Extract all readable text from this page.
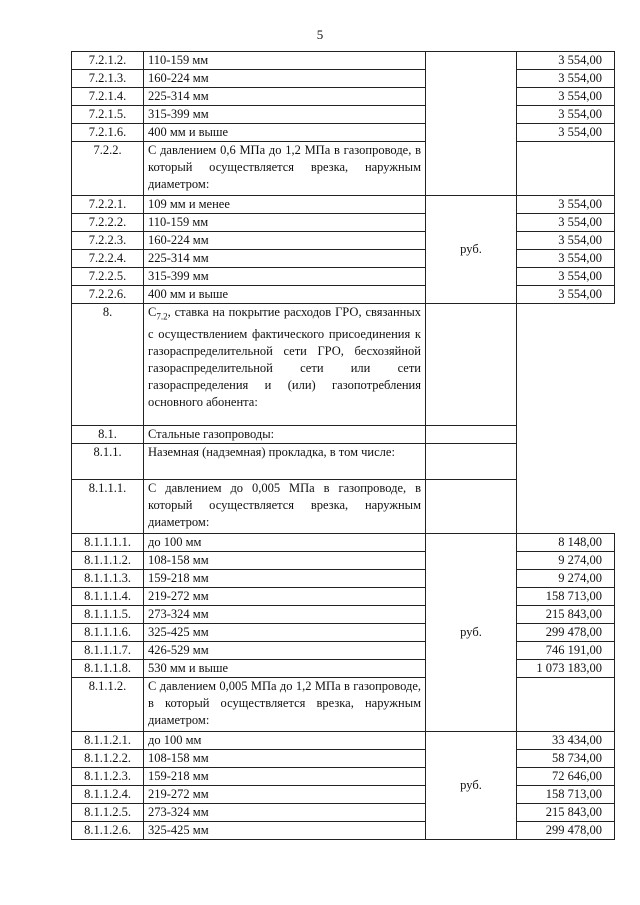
5
7.2.1.2.	110-159 мм		3 554,00
7.2.1.3.	160-224 мм		3 554,00
7.2.1.4.	225-314 мм		3 554,00
7.2.1.5.	315-399 мм		3 554,00
7.2.1.6.	400 мм и выше		3 554,00
7.2.2.	С давлением 0,6 МПа до 1,2 МПа в газопроводе, в который осуществляется врезка, наружным диаметром:		
7.2.2.1.	109 мм и менее	руб.	3 554,00
7.2.2.2.	110-159 мм		3 554,00
7.2.2.3.	160-224 мм		3 554,00
7.2.2.4.	225-314 мм		3 554,00
7.2.2.5.	315-399 мм		3 554,00
7.2.2.6.	400 мм и выше		3 554,00
8.	$С_{7.2}$, ставка на покрытие расходов ГРО, связанных с осуществлением фактического присоединения к газораспределительной сети ГРО, бесхозяйной газораспределительной сети или сети газораспределения и (или) газопотребления основного абонента:		
8.1.	Стальные газопроводы:		
8.1.1.	Наземная (надземная) прокладка, в том числе:		
8.1.1.1.	С давлением до 0,005 МПа в газопроводе, в который осуществляется врезка, наружным диаметром:		
8.1.1.1.1.	до 100 мм	руб.	8 148,00
8.1.1.1.2.	108-158 мм		9 274,00
8.1.1.1.3.	159-218 мм		9 274,00
8.1.1.1.4.	219-272 мм		158 713,00
8.1.1.1.5.	273-324 мм		215 843,00
8.1.1.1.6.	325-425 мм		299 478,00
8.1.1.1.7.	426-529 мм		746 191,00
8.1.1.1.8.	530 мм и выше		1 073 183,00
8.1.1.2.	С давлением 0,005 МПа до 1,2 МПа в газопроводе, в который осуществляется врезка, наружным диаметром:		
8.1.1.2.1.	до 100 мм	руб.	33 434,00
8.1.1.2.2.	108-158 мм		58 734,00
8.1.1.2.3.	159-218 мм		72 646,00
8.1.1.2.4.	219-272 мм		158 713,00
8.1.1.2.5.	273-324 мм		215 843,00
8.1.1.2.6.	325-425 мм		299 478,00
